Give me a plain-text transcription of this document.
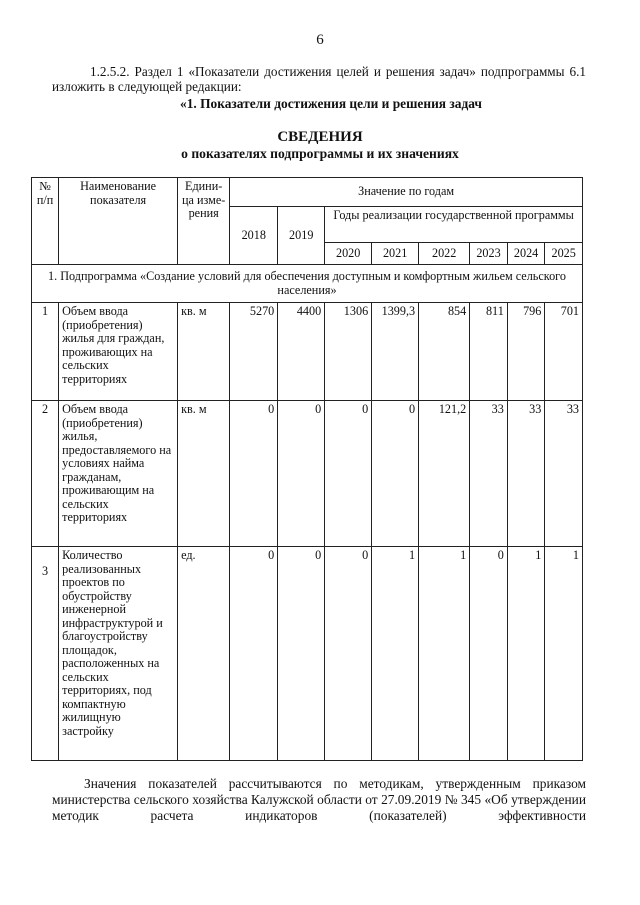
6
1.2.5.2. Раздел 1 «Показатели достижения целей и решения задач» подпрограммы 6.1 изложить в следующей редакции:
«1. Показатели достижения цели и решения задач
СВЕДЕНИЯ
о показателях подпрограммы и их значениях
№ п/п	Наименование показателя	Едини-ца изме-рения	Значение по годам							
			2018	2019	Годы реализации государственной программы					
					2020	2021	2022	2023	2024	2025
1. Подпрограмма «Создание условий для обеспечения доступным и комфортным жильем сельского населения»										
1	Объем ввода (приобретения) жилья для граждан, проживающих на сельских территориях	кв. м	5270	4400	1306	1399,3	854	811	796	701
2	Объем ввода (приобретения) жилья, предоставляемого на условиях найма гражданам, проживающим на сельских территориях	кв. м	0	0	0	0	121,2	33	33	33
3	Количество реализованных проектов по обустройству инженерной инфраструктурой и благоустройству площадок, расположенных на сельских территориях, под компактную жилищную застройку	ед.	0	0	0	1	1	0	1	1
Значения показателей рассчитываются по методикам, утвержденным приказом министерства сельского хозяйства Калужской области от 27.09.2019 № 345 «Об утверждении методик расчета индикаторов (показателей) эффективности
